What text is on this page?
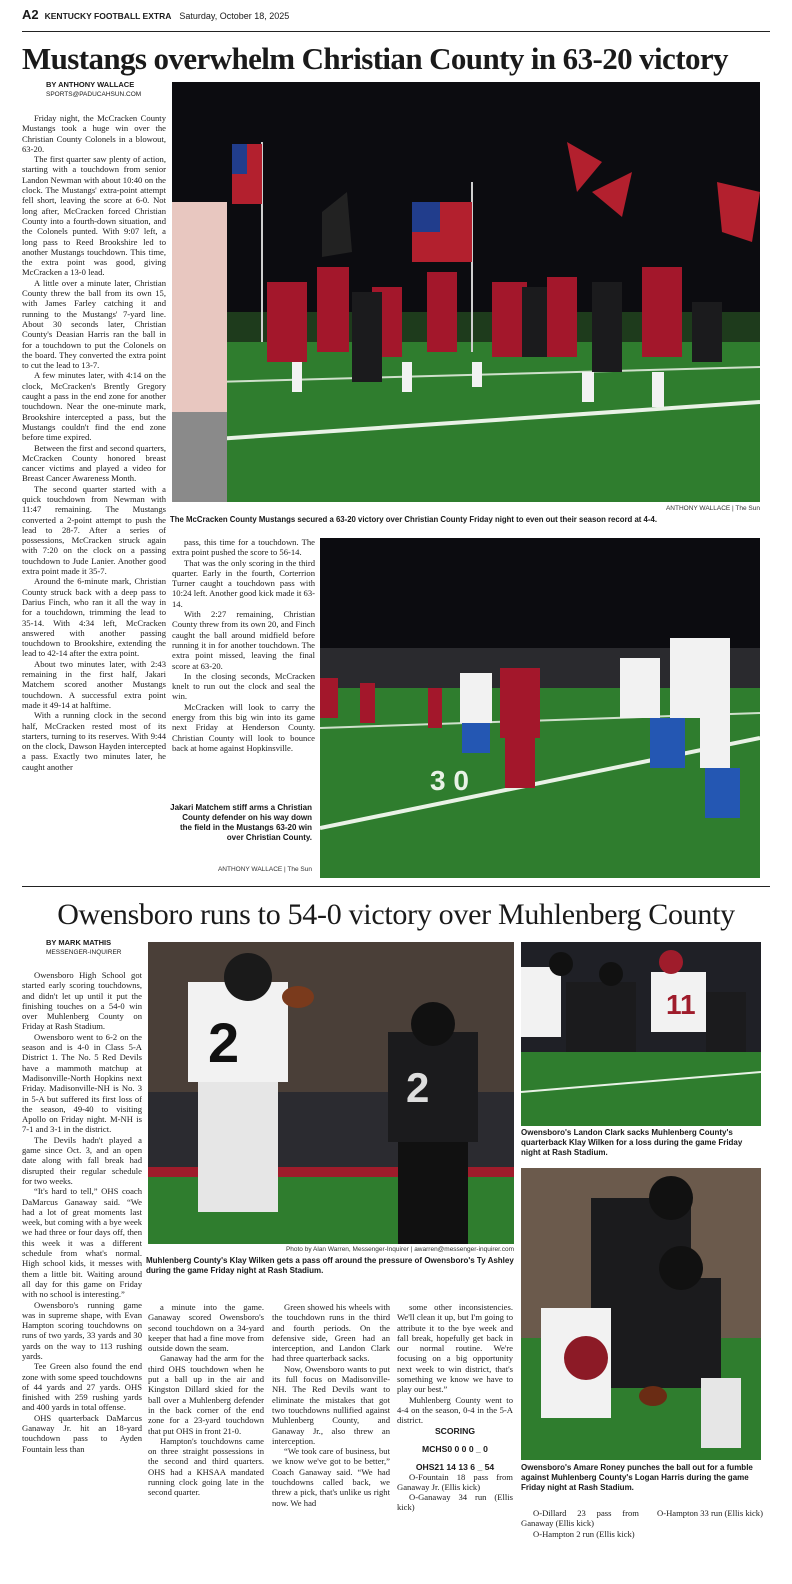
A2 KENTUCKY FOOTBALL EXTRA Saturday, October 18, 2025
Mustangs overwhelm Christian County in 63-20 victory
BY ANTHONY WALLACE
SPORTS@PADUCAHSUN.COM

Friday night, the McCracken County Mustangs took a huge win over the Christian County Colonels in a blowout, 63-20.

The first quarter saw plenty of action, starting with a touchdown from senior Landon Newman with about 10:40 on the clock. The Mustangs' extra-point attempt fell short, leaving the score at 6-0. Not long after, McCracken forced Christian County into a fourth-down situation, and the Colonels punted. With 9:07 left, a long pass to Reed Brookshire led to another Mustangs touchdown. This time, the extra point was good, giving McCracken a 13-0 lead.

A little over a minute later, Christian County threw the ball from its own 15, with James Farley catching it and running to the Mustangs' 7-yard line. About 30 seconds later, Christian County's Deasian Harris ran the ball in for a touchdown to put the Colonels on the board. They converted the extra point to cut the lead to 13-7.

A few minutes later, with 4:14 on the clock, McCracken's Brently Gregory caught a pass in the end zone for another touchdown. Near the one-minute mark, Brookshire intercepted a pass, but the Mustangs couldn't find the end zone before time expired.

Between the first and second quarters, McCracken County honored breast cancer victims and played a video for Breast Cancer Awareness Month.

The second quarter started with a quick touchdown from Newman with 11:47 remaining. The Mustangs converted a 2-point attempt to push the lead to 28-7. After a series of possessions, McCracken struck again with 7:20 on the clock on a passing touchdown to Jude Lanier. Another good extra point made it 35-7.

Around the 6-minute mark, Christian County struck back with a deep pass to Darius Finch, who ran it all the way in for a touchdown, trimming the lead to 35-14. With 4:34 left, McCracken answered with another passing touchdown to Brookshire, extending the lead to 42-14 after the extra point.

About two minutes later, with 2:43 remaining in the first half, Jakari Matchem scored another Mustangs touchdown. A successful extra point made it 49-14 at halftime.

With a running clock in the second half, McCracken rested most of its starters, turning to its reserves. With 9:44 on the clock, Dawson Hayden intercepted a pass. Exactly two minutes later, he caught another

ANTHONY WALLACE | The Sun
The McCracken County Mustangs secured a 63-20 victory over Christian County Friday night to even out their season record at 4-4.

pass, this time for a touchdown. The extra point pushed the score to 56-14.

That was the only scoring in the third quarter. Early in the fourth, Corterrion Turner caught a touchdown pass with 10:24 left. Another good kick made it 63-14.

With 2:27 remaining, Christian County threw from its own 20, and Finch caught the ball around midfield before running it in for another touchdown. The extra point missed, leaving the final score at 63-20.

In the closing seconds, McCracken knelt to run out the clock and seal the win.

McCracken will look to carry the energy from this big win into its game next Friday at Henderson County. Christian County will look to bounce back at home against Hopkinsville.

3 0
Jakari Matchem stiff arms a Christian County defender on his way down the field in the Mustangs 63-20 win over Christian County.
ANTHONY WALLACE | The Sun
Owensboro runs to 54-0 victory over Muhlenberg County
BY MARK MATHIS
MESSENGER-INQUIRER

Owensboro High School got started early scoring touchdowns, and didn't let up until it put the finishing touches on a 54-0 win over Muhlenberg County on Friday at Rash Stadium.

Owensboro went to 6-2 on the season and is 4-0 in Class 5-A District 1. The No. 5 Red Devils have a mammoth matchup at Madisonville-North Hopkins next Friday. Madisonville-NH is No. 3 in 5-A but suffered its first loss of the season, 49-40 to visiting Apollo on Friday night. M-NH is 7-1 and 3-1 in the district.

The Devils hadn't played a game since Oct. 3, and an open date along with fall break had disrupted their regular schedule for two weeks.

“It's hard to tell,” OHS coach DaMarcus Ganaway said. “We had a lot of great moments last week, but coming with a bye week we had three or four days off, then this week it was a different schedule from what's normal. High school kids, it messes with them a little bit. Waiting around all day for this game on Friday with no school is interesting.”

Owensboro's running game was in supreme shape, with Evan Hampton scoring touchdowns on runs of two yards, 33 yards and 30 yards on the way to 113 rushing yards.

Tee Green also found the end zone with some speed touchdowns of 44 yards and 27 yards. OHS finished with 259 rushing yards and 400 yards in total offense.

OHS quarterback DaMarcus Ganaway Jr. hit an 18-yard touchdown pass to Ayden Fountain less than

2
2
Photo by Alan Warren, Messenger-Inquirer | awarren@messenger-inquirer.com
Muhlenberg County's Klay Wilken gets a pass off around the pressure of Owensboro's Ty Ashley during the game Friday night at Rash Stadium.

a minute into the game. Ganaway scored Owensboro's second touchdown on a 34-yard keeper that had a fine move from outside down the seam.

Ganaway had the arm for the third OHS touchdown when he put a ball up in the air and Kingston Dillard skied for the ball over a Muhlenberg defender in the back corner of the end zone for a 23-yard touchdown that put OHS in front 21-0.

Hampton's touchdowns came on three straight possessions in the second and third quarters. OHS had a KHSAA mandated running clock going late in the second quarter.

Green showed his wheels with the touchdown runs in the third and fourth periods. On the defensive side, Green had an interception, and Landon Clark had three quarterback sacks.

Now, Owensboro wants to put its full focus on Madisonville-NH. The Red Devils want to eliminate the mistakes that got two touchdowns nullified against Muhlenberg County, and Ganaway Jr., also threw an interception.

“We took care of business, but we know we've got to be better,” Coach Ganaway said. “We had touchdowns called back, we threw a pick, that's unlike us right now. We had

some other inconsistencies. We'll clean it up, but I'm going to attribute it to the bye week and fall break, hopefully get back in our normal routine. We're focusing on a big opportunity next week to win district, that's something we know we have to play our best.”

Muhlenberg County went to 4-4 on the season, 0-4 in the 5-A district.

SCORING
MCHS0 0 0 0 _ 0
OHS21 14 13 6 _ 54

O-Fountain 18 pass from Ganaway Jr. (Ellis kick)

O-Ganaway 34 run (Ellis kick)

11
Owensboro's Landon Clark sacks Muhlenberg County's quarterback Klay Wilken for a loss during the game Friday night at Rash Stadium.
Owensboro's Amare Roney punches the ball out for a fumble against Muhlenberg County's Logan Harris during the game Friday night at Rash Stadium.

O-Dillard 23 pass from Ganaway (Ellis kick)

O-Hampton 2 run (Ellis kick)

O-Hampton 33 run (Ellis kick)
